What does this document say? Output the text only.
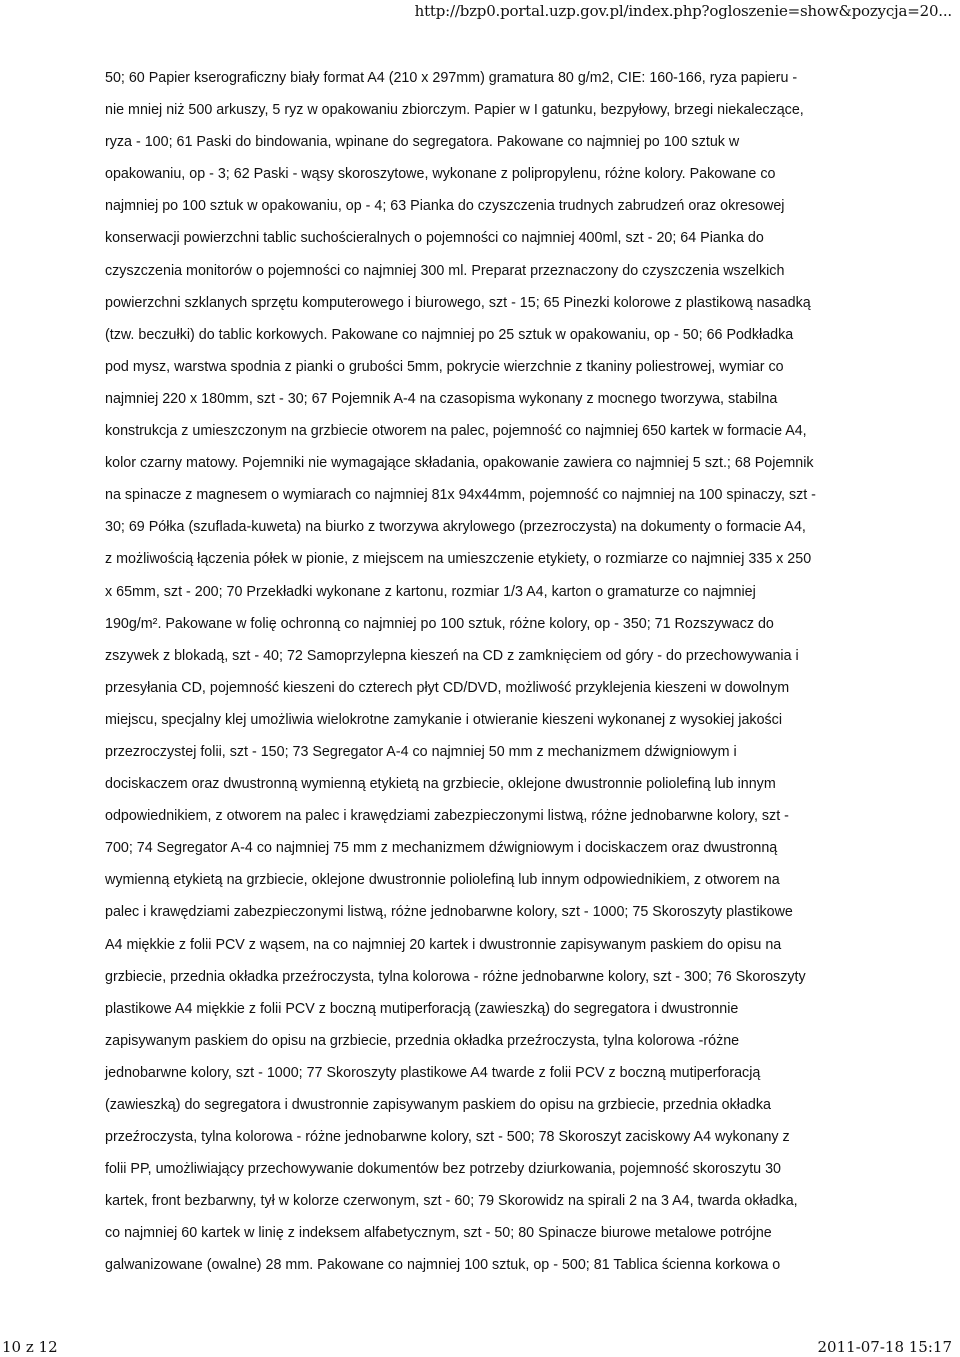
http://bzp0.portal.uzp.gov.pl/index.php?ogloszenie=show&pozycja=20...
50; 60 Papier kserograficzny biały format A4 (210 x 297mm) gramatura 80 g/m2, CIE: 160-166, ryza papieru -
nie mniej niż 500 arkuszy, 5 ryz w opakowaniu zbiorczym. Papier w I gatunku, bezpyłowy, brzegi niekaleczące,
ryza - 100; 61 Paski do bindowania, wpinane do segregatora. Pakowane co najmniej po 100 sztuk w
opakowaniu, op - 3; 62 Paski - wąsy skoroszytowe, wykonane z polipropylenu, różne kolory. Pakowane co
najmniej po 100 sztuk w opakowaniu, op - 4; 63 Pianka do czyszczenia trudnych zabrudzeń oraz okresowej
konserwacji powierzchni tablic suchościeralnych o pojemności co najmniej 400ml, szt - 20; 64 Pianka do
czyszczenia monitorów o pojemności co najmniej 300 ml. Preparat przeznaczony do czyszczenia wszelkich
powierzchni szklanych sprzętu komputerowego i biurowego, szt - 15; 65 Pinezki kolorowe z plastikową nasadką
(tzw. beczułki) do tablic korkowych. Pakowane co najmniej po 25 sztuk w opakowaniu, op - 50; 66 Podkładka
pod mysz, warstwa spodnia z pianki o grubości 5mm, pokrycie wierzchnie z tkaniny poliestrowej, wymiar co
najmniej 220 x 180mm, szt - 30; 67 Pojemnik A-4 na czasopisma wykonany z mocnego tworzywa, stabilna
konstrukcja z umieszczonym na grzbiecie otworem na palec, pojemność co najmniej 650 kartek w formacie A4,
kolor czarny matowy. Pojemniki nie wymagające składania, opakowanie zawiera co najmniej 5 szt.; 68 Pojemnik
na spinacze z magnesem o wymiarach co najmniej 81x 94x44mm, pojemność co najmniej na 100 spinaczy, szt -
30; 69 Półka (szuflada-kuweta) na biurko z tworzywa akrylowego (przezroczysta) na dokumenty o formacie A4,
z możliwością łączenia półek w pionie, z miejscem na umieszczenie etykiety, o rozmiarze co najmniej 335 x 250
x 65mm, szt - 200; 70 Przekładki wykonane z kartonu, rozmiar 1/3 A4, karton o gramaturze co najmniej
190g/m². Pakowane w folię ochronną co najmniej po 100 sztuk, różne kolory, op - 350; 71 Rozszywacz do
zszywek z blokadą, szt - 40; 72 Samoprzylepna kieszeń na CD z zamknięciem od góry - do przechowywania i
przesyłania CD, pojemność kieszeni do czterech płyt CD/DVD, możliwość przyklejenia kieszeni w dowolnym
miejscu, specjalny klej umożliwia wielokrotne zamykanie i otwieranie kieszeni wykonanej z wysokiej jakości
przezroczystej folii, szt - 150; 73 Segregator A-4 co najmniej 50 mm z mechanizmem dźwigniowym i
dociskaczem oraz dwustronną wymienną etykietą na grzbiecie, oklejone dwustronnie poliolefiną lub innym
odpowiednikiem, z otworem na palec i krawędziami zabezpieczonymi listwą, różne jednobarwne kolory, szt -
700; 74 Segregator A-4 co najmniej 75 mm z mechanizmem dźwigniowym i dociskaczem oraz dwustronną
wymienną etykietą na grzbiecie, oklejone dwustronnie poliolefiną lub innym odpowiednikiem, z otworem na
palec i krawędziami zabezpieczonymi listwą, różne jednobarwne kolory, szt - 1000; 75 Skoroszyty plastikowe
A4 miękkie z folii PCV z wąsem, na co najmniej 20 kartek i dwustronnie zapisywanym paskiem do opisu na
grzbiecie, przednia okładka przeźroczysta, tylna kolorowa - różne jednobarwne kolory, szt - 300; 76 Skoroszyty
plastikowe A4 miękkie z folii PCV z boczną mutiperforacją (zawieszką) do segregatora i dwustronnie
zapisywanym paskiem do opisu na grzbiecie, przednia okładka przeźroczysta, tylna kolorowa -różne
jednobarwne kolory, szt - 1000; 77 Skoroszyty plastikowe A4 twarde z folii PCV z boczną mutiperforacją
(zawieszką) do segregatora i dwustronnie zapisywanym paskiem do opisu na grzbiecie, przednia okładka
przeźroczysta, tylna kolorowa - różne jednobarwne kolory, szt - 500; 78 Skoroszyt zaciskowy A4 wykonany z
folii PP, umożliwiający przechowywanie dokumentów bez potrzeby dziurkowania, pojemność skoroszytu 30
kartek, front bezbarwny, tył w kolorze czerwonym, szt - 60; 79 Skorowidz na spirali 2 na 3 A4, twarda okładka,
co najmniej 60 kartek w linię z indeksem alfabetycznym, szt - 50; 80 Spinacze biurowe metalowe potrójne
galwanizowane (owalne) 28 mm. Pakowane co najmniej 100 sztuk, op - 500; 81 Tablica ścienna korkowa o
10 z 12	2011-07-18 15:17
